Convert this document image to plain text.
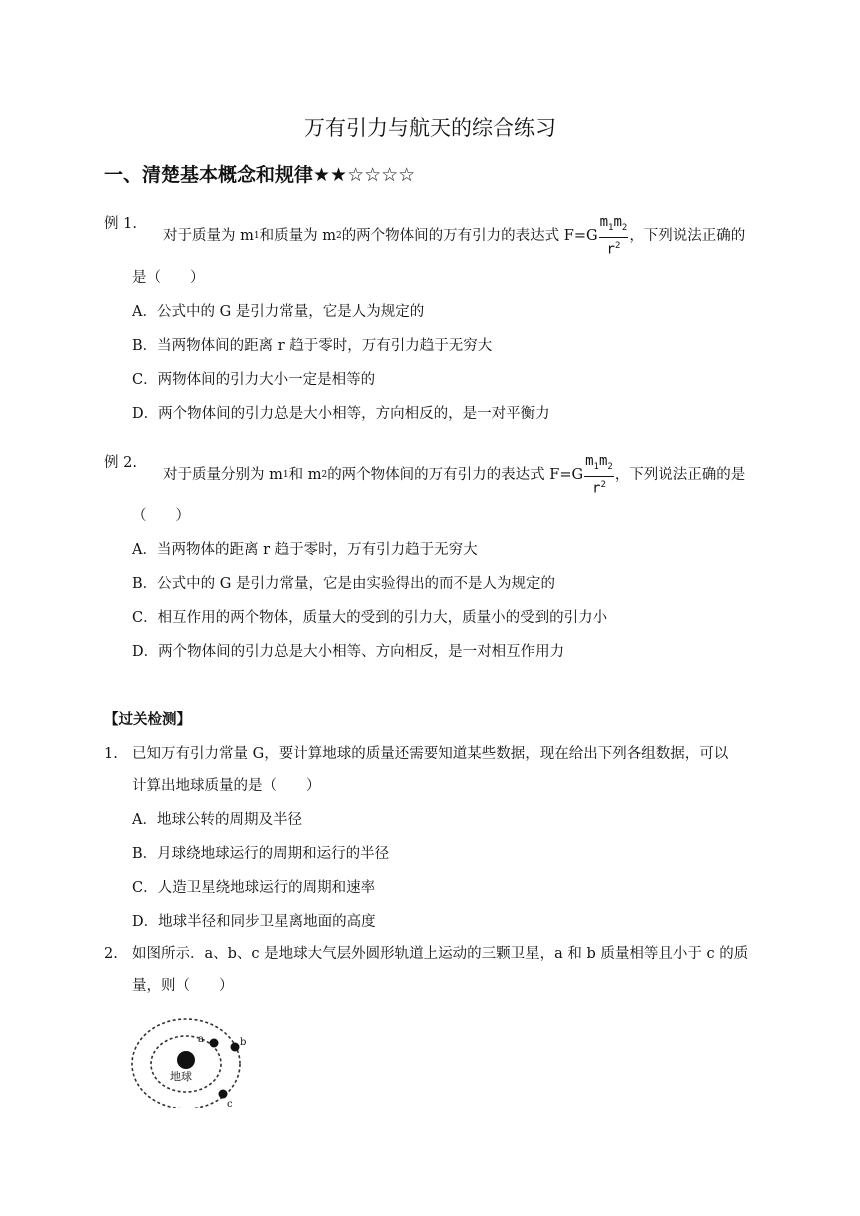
万有引力与航天的综合练习
一、清楚基本概念和规律★★☆☆☆☆
例 1.
对于质量为 m 1 和质量为 m 2 的两个物体间的万有引力的表达式 $F=G \frac{m_1m_2}{r^2}$ ，下列说法正确的
是（　　）
A．公式中的 G 是引力常量，它是人为规定的
B．当两物体间的距离 r 趋于零时，万有引力趋于无穷大
C．两物体间的引力大小一定是相等的
D．两个物体间的引力总是大小相等，方向相反的，是一对平衡力
例 2.
对于质量分别为 m 1 和 m 2 的两个物体间的万有引力的表达式 $F=G \frac{m_1m_2}{r^2}$ ，下列说法正确的是
（　　）
A．当两物体的距离 r 趋于零时，万有引力趋于无穷大
B．公式中的 G 是引力常量，它是由实验得出的而不是人为规定的
C．相互作用的两个物体，质量大的受到的引力大，质量小的受到的引力小
D．两个物体间的引力总是大小相等、方向相反，是一对相互作用力
【过关检测】
1. 已知万有引力常量 G，要计算地球的质量还需要知道某些数据，现在给出下列各组数据，可以
计算出地球质量的是（　　）
A．地球公转的周期及半径
B．月球绕地球运行的周期和运行的半径
C．人造卫星绕地球运行的周期和速率
D．地球半径和同步卫星离地面的高度
2. 如图所示．a、b、c 是地球大气层外圆形轨道上运动的三颗卫星，a 和 b 质量相等且小于 c 的质
量，则（　　）
地球
a	b
c
